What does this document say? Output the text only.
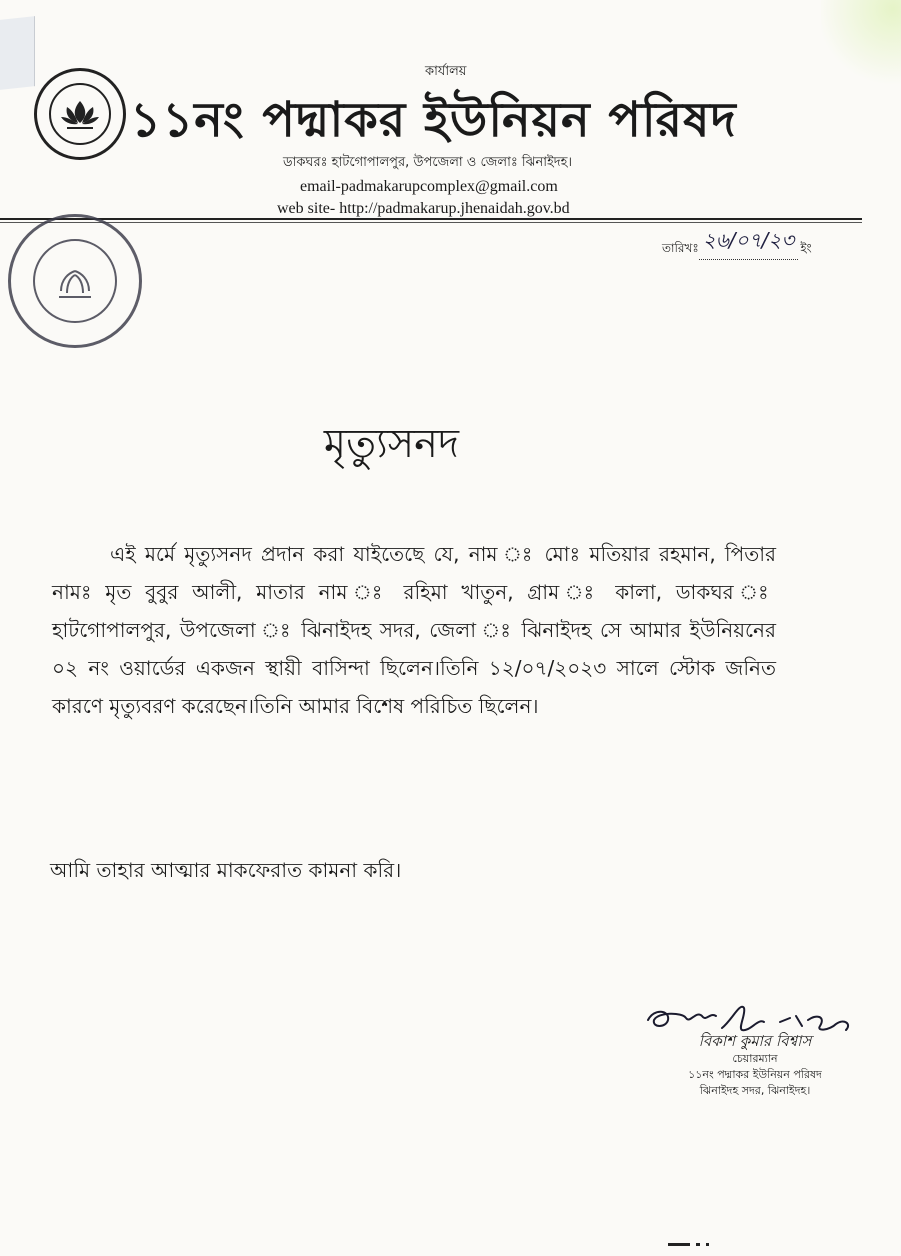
কার্যালয়
১১নং পদ্মাকর ইউনিয়ন পরিষদ
ডাকঘরঃ হাটগোপালপুর, উপজেলা ও জেলাঃ ঝিনাইদহ।
email-padmakarupcomplex@gmail.com
web site- http://padmakarup.jhenaidah.gov.bd
তারিখঃ ২৬/০৭/২৩ ইং
মৃত্যুসনদ
এই মর্মে মৃত্যুসনদ প্রদান করা যাইতেছে যে, নাম ঃ মোঃ মতিয়ার রহমান, পিতার নামঃ মৃত বুবুর আলী, মাতার নাম ঃ রহিমা খাতুন, গ্রাম ঃ কালা, ডাকঘর ঃ হাটগোপালপুর, উপজেলা ঃ ঝিনাইদহ সদর, জেলা ঃ ঝিনাইদহ সে আমার ইউনিয়নের ০২ নং ওয়ার্ডের একজন স্থায়ী বাসিন্দা ছিলেন।তিনি ১২/০৭/২০২৩ সালে স্টোক জনিত কারণে মৃত্যুবরণ করেছেন।তিনি আমার বিশেষ পরিচিত ছিলেন।
আমি তাহার আত্মার মাকফেরাত কামনা করি।
বিকাশ কুমার বিশ্বাস
চেয়ারম্যান
১১নং পদ্মাকর ইউনিয়ন পরিষদ
ঝিনাইদহ সদর, ঝিনাইদহ।
